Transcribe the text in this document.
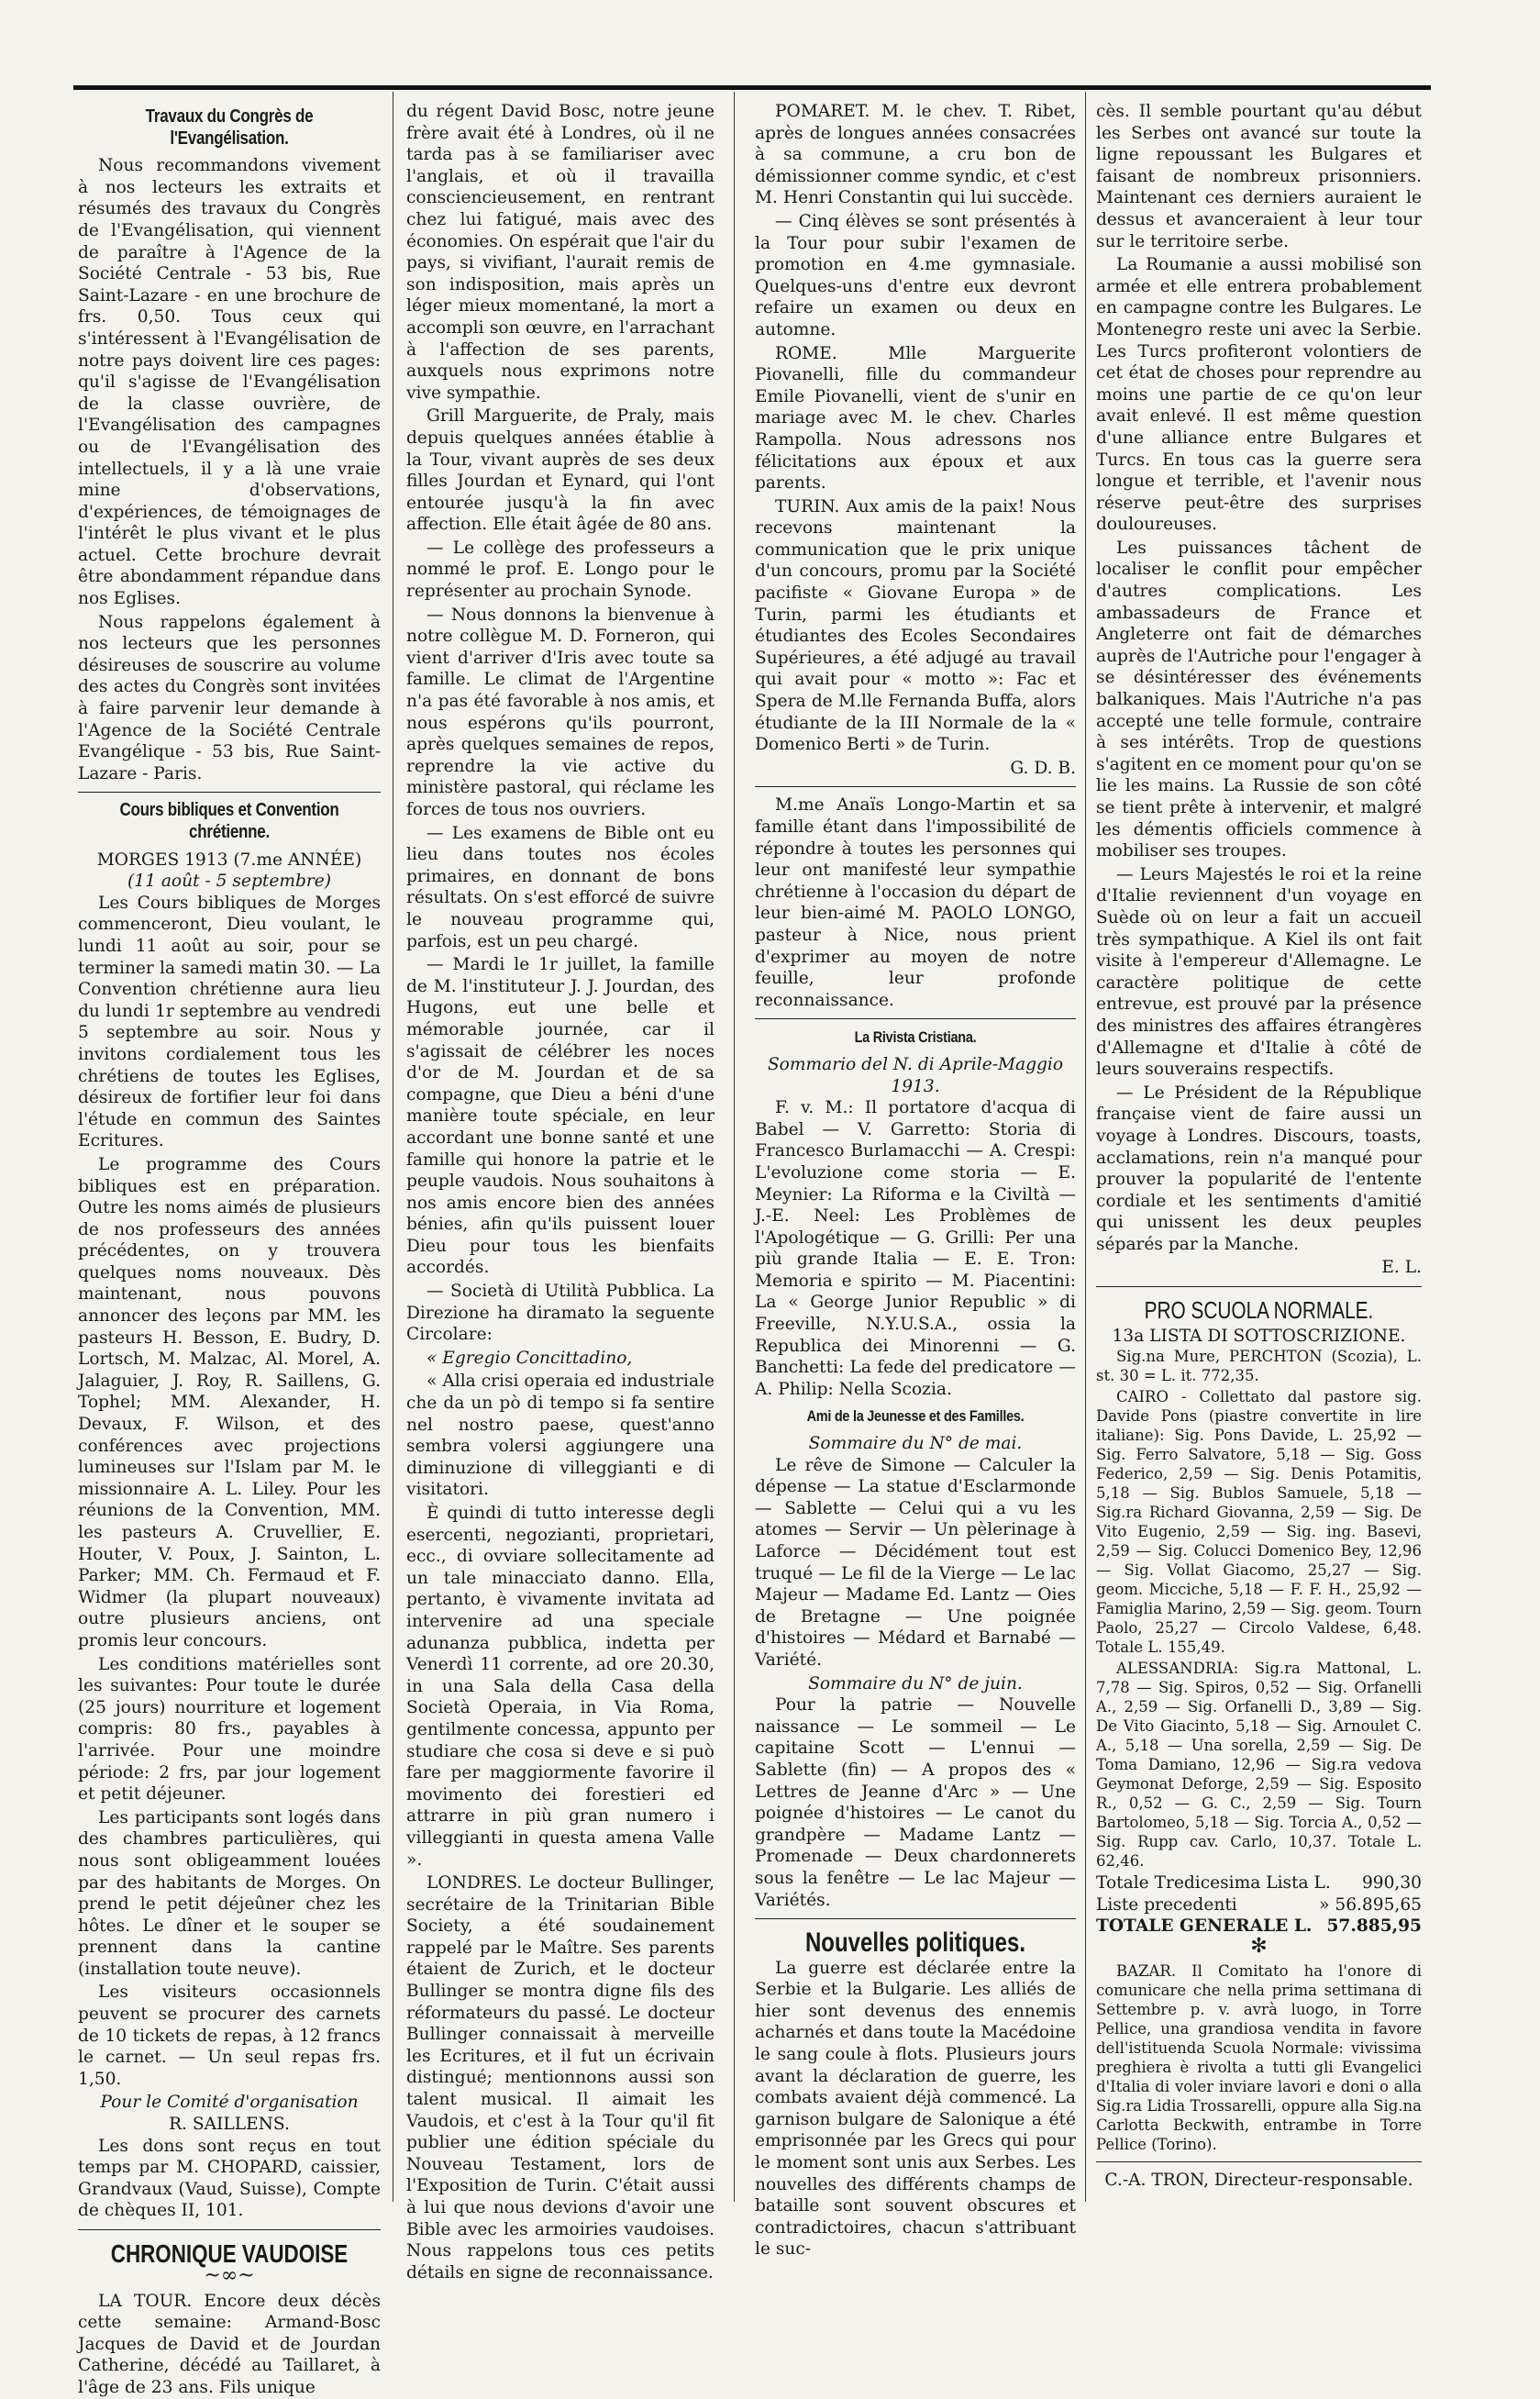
Travaux du Congrès de l'Evangélisation.

Nous recommandons vivement à nos lecteurs les extraits et résumés des travaux du Congrès de l'Evangélisation, qui viennent de paraître à l'Agence de la Société Centrale - 53 bis, Rue Saint-Lazare - en une brochure de frs. 0,50. Tous ceux qui s'intéressent à l'Evangélisation de notre pays doivent lire ces pages: qu'il s'agisse de l'Evangélisation de la classe ouvrière, de l'Evangélisation des campagnes ou de l'Evangélisation des intellectuels, il y a là une vraie mine d'observations, d'expériences, de témoignages de l'intérêt le plus vivant et le plus actuel. Cette brochure devrait être abondamment répandue dans nos Eglises.

Nous rappelons également à nos lecteurs que les personnes désireuses de souscrire au volume des actes du Congrès sont invitées à faire parvenir leur demande à l'Agence de la Société Centrale Evangélique - 53 bis, Rue Saint-Lazare - Paris.

Cours bibliques et Convention chrétienne.
MORGES 1913 (7.me ANNÉE)
(11 août - 5 septembre)

Les Cours bibliques de Morges commenceront, Dieu voulant, le lundi 11 août au soir, pour se terminer la samedi matin 30. — La Convention chrétienne aura lieu du lundi 1r septembre au vendredi 5 septembre au soir. Nous y invitons cordialement tous les chrétiens de toutes les Eglises, désireux de fortifier leur foi dans l'étude en commun des Saintes Ecritures.

Le programme des Cours bibliques est en préparation. Outre les noms aimés de plusieurs de nos professeurs des années précédentes, on y trouvera quelques noms nouveaux. Dès maintenant, nous pouvons annoncer des leçons par MM. les pasteurs H. Besson, E. Budry, D. Lortsch, M. Malzac, Al. Morel, A. Jalaguier, J. Roy, R. Saillens, G. Tophel; MM. Alexander, H. Devaux, F. Wilson, et des conférences avec projections lumineuses sur l'Islam par M. le missionnaire A. L. Liley. Pour les réunions de la Convention, MM. les pasteurs A. Cruvellier, E. Houter, V. Poux, J. Sainton, L. Parker; MM. Ch. Fermaud et F. Widmer (la plupart nouveaux) outre plusieurs anciens, ont promis leur concours.

Les conditions matérielles sont les suivantes: Pour toute le durée (25 jours) nourriture et logement compris: 80 frs., payables à l'arrivée. Pour une moindre période: 2 frs, par jour logement et petit déjeuner.

Les participants sont logés dans des chambres particulières, qui nous sont obligeamment louées par des habitants de Morges. On prend le petit déjeûner chez les hôtes. Le dîner et le souper se prennent dans la cantine (installation toute neuve).

Les visiteurs occasionnels peuvent se procurer des carnets de 10 tickets de repas, à 12 francs le carnet. — Un seul repas frs. 1,50.

Pour le Comité d'organisation
R. SAILLENS.

Les dons sont reçus en tout temps par M. CHOPARD, caissier, Grandvaux (Vaud, Suisse), Compte de chèques II, 101.

CHRONIQUE VAUDOISE
~∞~

LA TOUR. Encore deux décès cette semaine: Armand-Bosc Jacques de David et de Jourdan Catherine, décédé au Taillaret, à l'âge de 23 ans. Fils unique

du régent David Bosc, notre jeune frère avait été à Londres, où il ne tarda pas à se familiariser avec l'anglais, et où il travailla consciencieusement, en rentrant chez lui fatigué, mais avec des économies. On espérait que l'air du pays, si vivifiant, l'aurait remis de son indisposition, mais après un léger mieux momentané, la mort a accompli son œuvre, en l'arrachant à l'affection de ses parents, auxquels nous exprimons notre vive sympathie.

Grill Marguerite, de Praly, mais depuis quelques années établie à la Tour, vivant auprès de ses deux filles Jourdan et Eynard, qui l'ont entourée jusqu'à la fin avec affection. Elle était âgée de 80 ans.

— Le collège des professeurs a nommé le prof. E. Longo pour le représenter au prochain Synode.

— Nous donnons la bienvenue à notre collègue M. D. Forneron, qui vient d'arriver d'Iris avec toute sa famille. Le climat de l'Argentine n'a pas été favorable à nos amis, et nous espérons qu'ils pourront, après quelques semaines de repos, reprendre la vie active du ministère pastoral, qui réclame les forces de tous nos ouvriers.

— Les examens de Bible ont eu lieu dans toutes nos écoles primaires, en donnant de bons résultats. On s'est efforcé de suivre le nouveau programme qui, parfois, est un peu chargé.

— Mardi le 1r juillet, la famille de M. l'instituteur J. J. Jourdan, des Hugons, eut une belle et mémorable journée, car il s'agissait de célébrer les noces d'or de M. Jourdan et de sa compagne, que Dieu a béni d'une manière toute spéciale, en leur accordant une bonne santé et une famille qui honore la patrie et le peuple vaudois. Nous souhaitons à nos amis encore bien des années bénies, afin qu'ils puissent louer Dieu pour tous les bienfaits accordés.

— Società di Utilità Pubblica. La Direzione ha diramato la seguente Circolare:

« Egregio Concittadino,

« Alla crisi operaia ed industriale che da un pò di tempo si fa sentire nel nostro paese, quest'anno sembra volersi aggiungere una diminuzione di villeggianti e di visitatori.

È quindi di tutto interesse degli esercenti, negozianti, proprietari, ecc., di ovviare sollecitamente ad un tale minacciato danno. Ella, pertanto, è vivamente invitata ad intervenire ad una speciale adunanza pubblica, indetta per Venerdì 11 corrente, ad ore 20.30, in una Sala della Casa della Società Operaia, in Via Roma, gentilmente concessa, appunto per studiare che cosa si deve e si può fare per maggiormente favorire il movimento dei forestieri ed attrarre in più gran numero i villeggianti in questa amena Valle ».

LONDRES. Le docteur Bullinger, secrétaire de la Trinitarian Bible Society, a été soudainement rappelé par le Maître. Ses parents étaient de Zurich, et le docteur Bullinger se montra digne fils des réformateurs du passé. Le docteur Bullinger connaissait à merveille les Ecritures, et il fut un écrivain distingué; mentionnons aussi son talent musical. Il aimait les Vaudois, et c'est à la Tour qu'il fit publier une édition spéciale du Nouveau Testament, lors de l'Exposition de Turin. C'était aussi à lui que nous devions d'avoir une Bible avec les armoiries vaudoises. Nous rappelons tous ces petits détails en signe de reconnaissance.

POMARET. M. le chev. T. Ribet, après de longues années consacrées à sa commune, a cru bon de démissionner comme syndic, et c'est M. Henri Constantin qui lui succède.

— Cinq élèves se sont présentés à la Tour pour subir l'examen de promotion en 4.me gymnasiale. Quelques-uns d'entre eux devront refaire un examen ou deux en automne.

ROME. Mlle Marguerite Piovanelli, fille du commandeur Emile Piovanelli, vient de s'unir en mariage avec M. le chev. Charles Rampolla. Nous adressons nos félicitations aux époux et aux parents.

TURIN. Aux amis de la paix! Nous recevons maintenant la communication que le prix unique d'un concours, promu par la Société pacifiste « Giovane Europa » de Turin, parmi les étudiants et étudiantes des Ecoles Secondaires Supérieures, a été adjugé au travail qui avait pour « motto »: Fac et Spera de M.lle Fernanda Buffa, alors étudiante de la III Normale de la « Domenico Berti » de Turin.

G. D. B.

M.me Anaïs Longo-Martin et sa famille étant dans l'impossibilité de répondre à toutes les personnes qui leur ont manifesté leur sympathie chrétienne à l'occasion du départ de leur bien-aimé M. PAOLO LONGO, pasteur à Nice, nous prient d'exprimer au moyen de notre feuille, leur profonde reconnaissance.

La Rivista Cristiana.
Sommario del N. di Aprile-Maggio 1913.

F. v. M.: Il portatore d'acqua di Babel — V. Garretto: Storia di Francesco Burlamacchi — A. Crespi: L'evoluzione come storia — E. Meynier: La Riforma e la Civiltà — J.-E. Neel: Les Problèmes de l'Apologétique — G. Grilli: Per una più grande Italia — E. E. Tron: Memoria e spirito — M. Piacentini: La « George Junior Republic » di Freeville, N.Y.U.S.A., ossia la Republica dei Minorenni — G. Banchetti: La fede del predicatore — A. Philip: Nella Scozia.

Ami de la Jeunesse et des Familles.
Sommaire du N° de mai.

Le rêve de Simone — Calculer la dépense — La statue d'Esclarmonde — Sablette — Celui qui a vu les atomes — Servir — Un pèlerinage à Laforce — Décidément tout est truqué — Le fil de la Vierge — Le lac Majeur — Madame Ed. Lantz — Oies de Bretagne — Une poignée d'histoires — Médard et Barnabé — Variété.

Sommaire du N° de juin.

Pour la patrie — Nouvelle naissance — Le sommeil — Le capitaine Scott — L'ennui — Sablette (fin) — A propos des « Lettres de Jeanne d'Arc » — Une poignée d'histoires — Le canot du grandpère — Madame Lantz — Promenade — Deux chardonnerets sous la fenêtre — Le lac Majeur — Variétés.

Nouvelles politiques.

La guerre est déclarée entre la Serbie et la Bulgarie. Les alliés de hier sont devenus des ennemis acharnés et dans toute la Macédoine le sang coule à flots. Plusieurs jours avant la déclaration de guerre, les combats avaient déjà commencé. La garnison bulgare de Salonique a été emprisonnée par les Grecs qui pour le moment sont unis aux Serbes. Les nouvelles des différents champs de bataille sont souvent obscures et contradictoires, chacun s'attribuant le suc-

cès. Il semble pourtant qu'au début les Serbes ont avancé sur toute la ligne repoussant les Bulgares et faisant de nombreux prisonniers. Maintenant ces derniers auraient le dessus et avanceraient à leur tour sur le territoire serbe.

La Roumanie a aussi mobilisé son armée et elle entrera probablement en campagne contre les Bulgares. Le Montenegro reste uni avec la Serbie. Les Turcs profiteront volontiers de cet état de choses pour reprendre au moins une partie de ce qu'on leur avait enlevé. Il est même question d'une alliance entre Bulgares et Turcs. En tous cas la guerre sera longue et terrible, et l'avenir nous réserve peut-être des surprises douloureuses.

Les puissances tâchent de localiser le conflit pour empêcher d'autres complications. Les ambassadeurs de France et Angleterre ont fait de démarches auprès de l'Autriche pour l'engager à se désintéresser des événements balkaniques. Mais l'Autriche n'a pas accepté une telle formule, contraire à ses intérêts. Trop de questions s'agitent en ce moment pour qu'on se lie les mains. La Russie de son côté se tient prête à intervenir, et malgré les démentis officiels commence à mobiliser ses troupes.

— Leurs Majestés le roi et la reine d'Italie reviennent d'un voyage en Suède où on leur a fait un accueil très sympathique. A Kiel ils ont fait visite à l'empereur d'Allemagne. Le caractère politique de cette entrevue, est prouvé par la présence des ministres des affaires étrangères d'Allemagne et d'Italie à côté de leurs souverains respectifs.

— Le Président de la République française vient de faire aussi un voyage à Londres. Discours, toasts, acclamations, rein n'a manqué pour prouver la popularité de l'entente cordiale et les sentiments d'amitié qui unissent les deux peuples séparés par la Manche.

E. L.
PRO SCUOLA NORMALE.
13a LISTA DI SOTTOSCRIZIONE.

Sig.na Mure, PERCHTON (Scozia), L. st. 30 = L. it. 772,35.

CAIRO - Collettato dal pastore sig. Davide Pons (piastre convertite in lire italiane): Sig. Pons Davide, L. 25,92 — Sig. Ferro Salvatore, 5,18 — Sig. Goss Federico, 2,59 — Sig. Denis Potamitis, 5,18 — Sig. Bublos Samuele, 5,18 — Sig.ra Richard Giovanna, 2,59 — Sig. De Vito Eugenio, 2,59 — Sig. ing. Basevi, 2,59 — Sig. Colucci Domenico Bey, 12,96 — Sig. Vollat Giacomo, 25,27 — Sig. geom. Micciche, 5,18 — F. F. H., 25,92 — Famiglia Marino, 2,59 — Sig. geom. Tourn Paolo, 25,27 — Circolo Valdese, 6,48. Totale L. 155,49.

ALESSANDRIA: Sig.ra Mattonal, L. 7,78 — Sig. Spiros, 0,52 — Sig. Orfanelli A., 2,59 — Sig. Orfanelli D., 3,89 — Sig. De Vito Giacinto, 5,18 — Sig. Arnoulet C. A., 5,18 — Una sorella, 2,59 — Sig. De Toma Damiano, 12,96 — Sig.ra vedova Geymonat Deforge, 2,59 — Sig. Esposito R., 0,52 — G. C., 2,59 — Sig. Tourn Bartolomeo, 5,18 — Sig. Torcia A., 0,52 — Sig. Rupp cav. Carlo, 10,37. Totale L. 62,46.

Totale Tredicesima Lista L. 990,30
Liste precedenti	» 56.895,65
TOTALE GENERALE L. 57.885,95
✻

BAZAR. Il Comitato ha l'onore di comunicare che nella prima settimana di Settembre p. v. avrà luogo, in Torre Pellice, una grandiosa vendita in favore dell'istituenda Scuola Normale: vivissima preghiera è rivolta a tutti gli Evangelici d'Italia di voler inviare lavori e doni o alla Sig.ra Lidia Trossarelli, oppure alla Sig.na Carlotta Beckwith, entrambe in Torre Pellice (Torino).

C.-A. TRON, Directeur-responsable.
